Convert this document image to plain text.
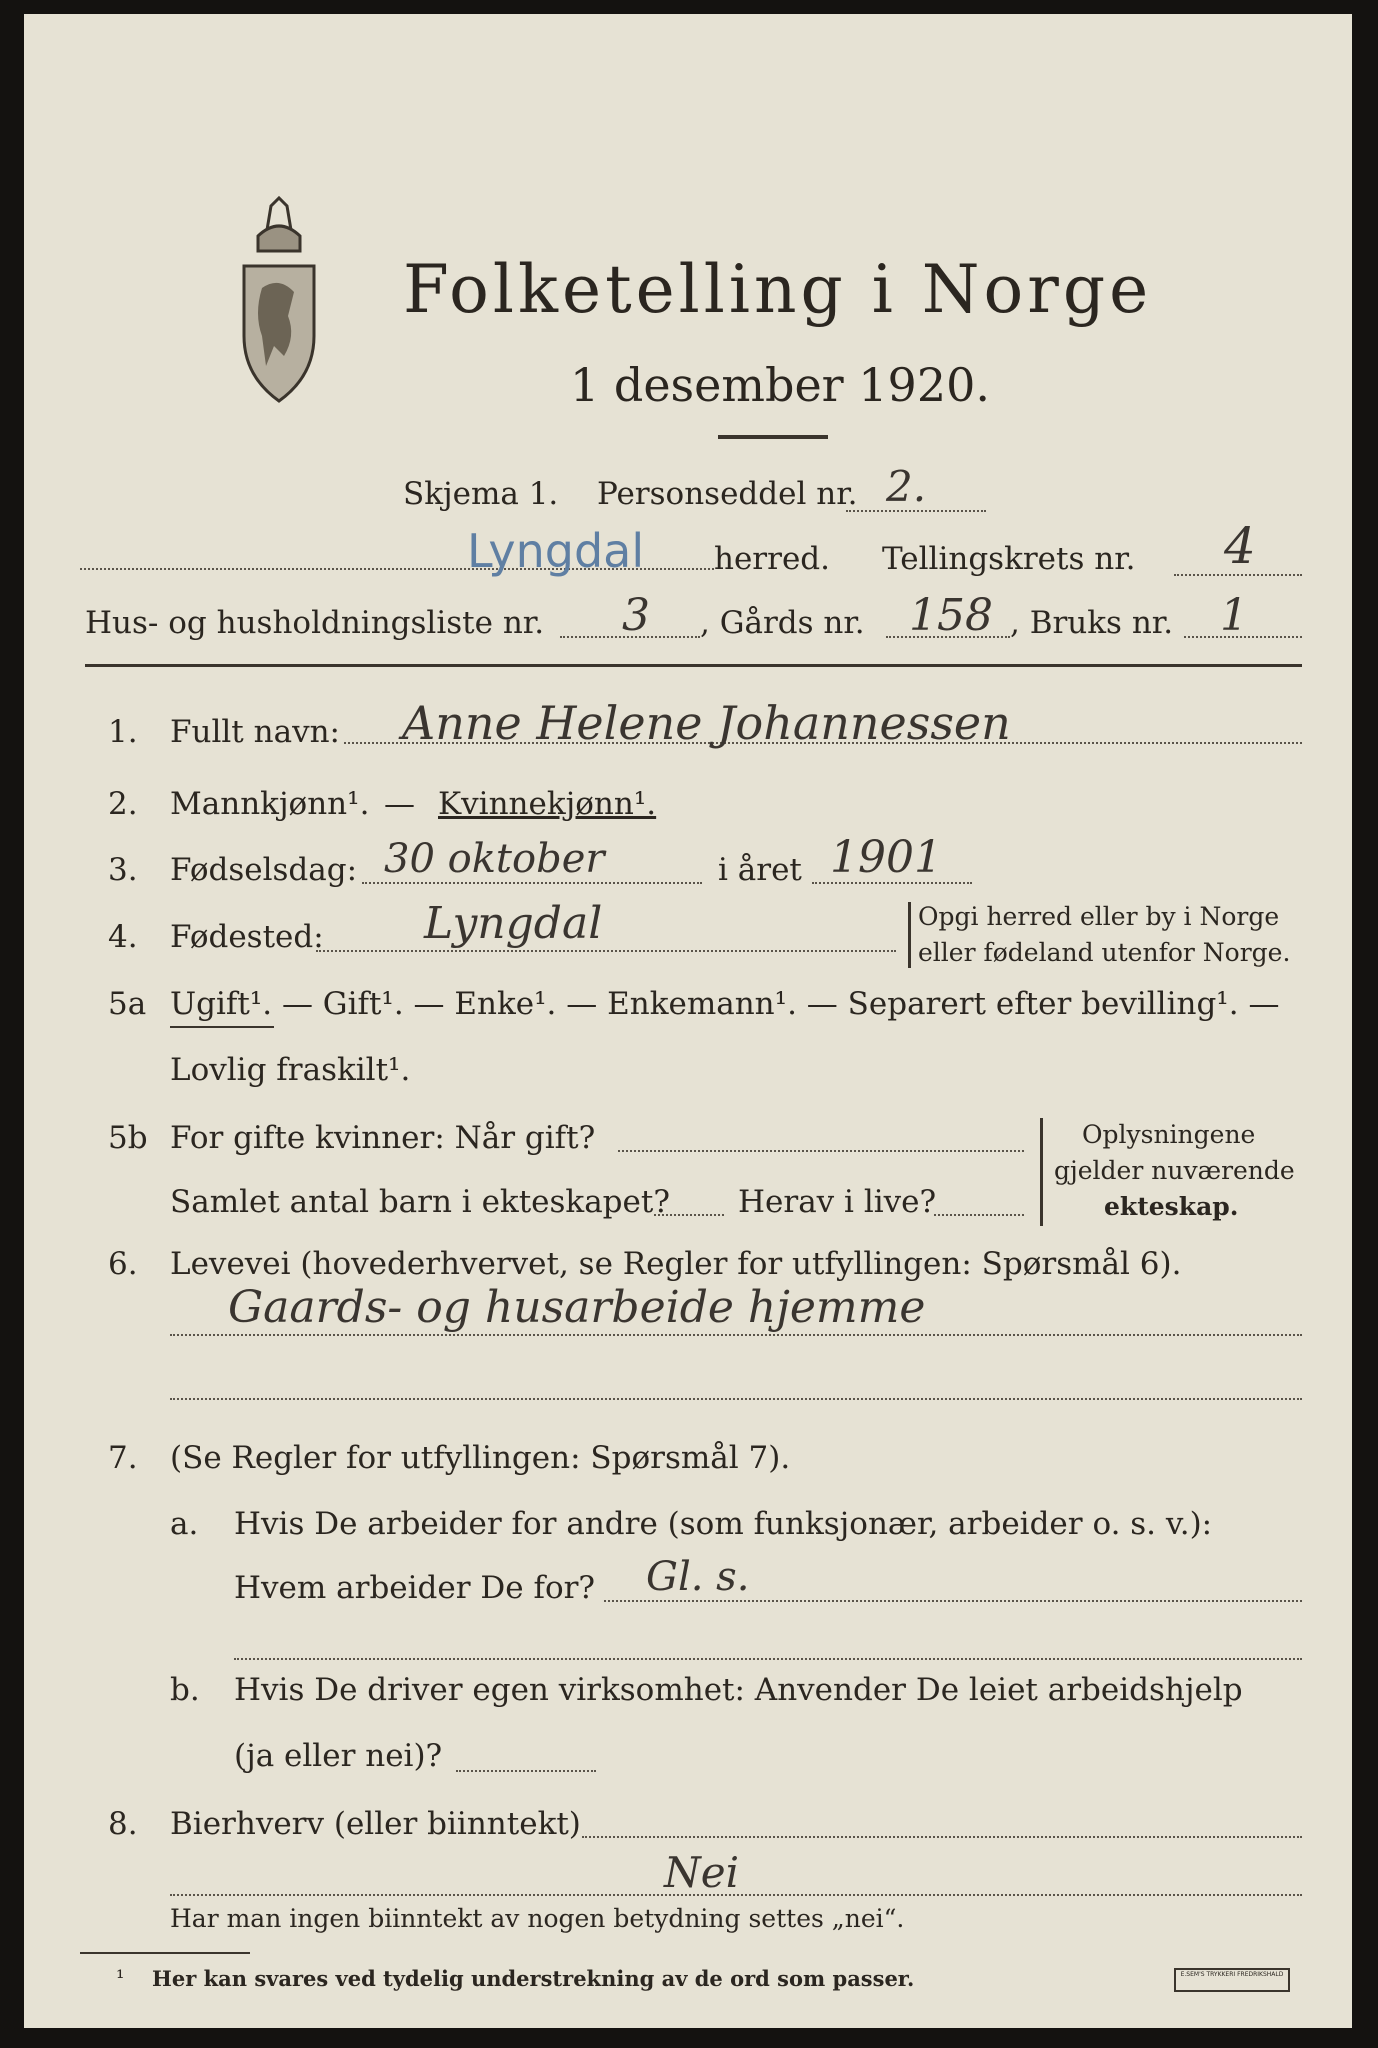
Folketelling i Norge
1 desember 1920.
Skjema 1. Personseddel nr. 2.
Lyngdal herred. Tellingskrets nr. 4
Hus- og husholdningsliste nr. 3 , Gårds nr. 158 , Bruks nr. 1
1. Fullt navn: Anne Helene Johannessen
2. Mannkjønn¹. — Kvinnekjønn¹.
3. Fødselsdag: 30 oktober	i året 1901
4. Fødested: Lyngdal	Opgi herred eller by i Norge
eller fødeland utenfor Norge.
5a Ugift¹. — Gift¹. — Enke¹. — Enkemann¹. — Separert efter bevilling¹. —
Lovlig fraskilt¹.
5b For gifte kvinner: Når gift?
Samlet antal barn i ekteskapet? Herav i live?
Oplysningene
gjelder nuværende
ekteskap.
6. Levevei (hovederhvervet, se Regler for utfyllingen: Spørsmål 6).
Gaards- og husarbeide hjemme
7. (Se Regler for utfyllingen: Spørsmål 7).
a. Hvis De arbeider for andre (som funksjonær, arbeider o. s. v.):
Hvem arbeider De for? Gl. s.
b. Hvis De driver egen virksomhet: Anvender De leiet arbeidshjelp
(ja eller nei)?
8. Bierhverv (eller biinntekt)
Nei
Har man ingen biinntekt av nogen betydning settes „nei“.
¹ Her kan svares ved tydelig understrekning av de ord som passer.	E.SEM'S TRYKKERI FREDRIKSHALD
